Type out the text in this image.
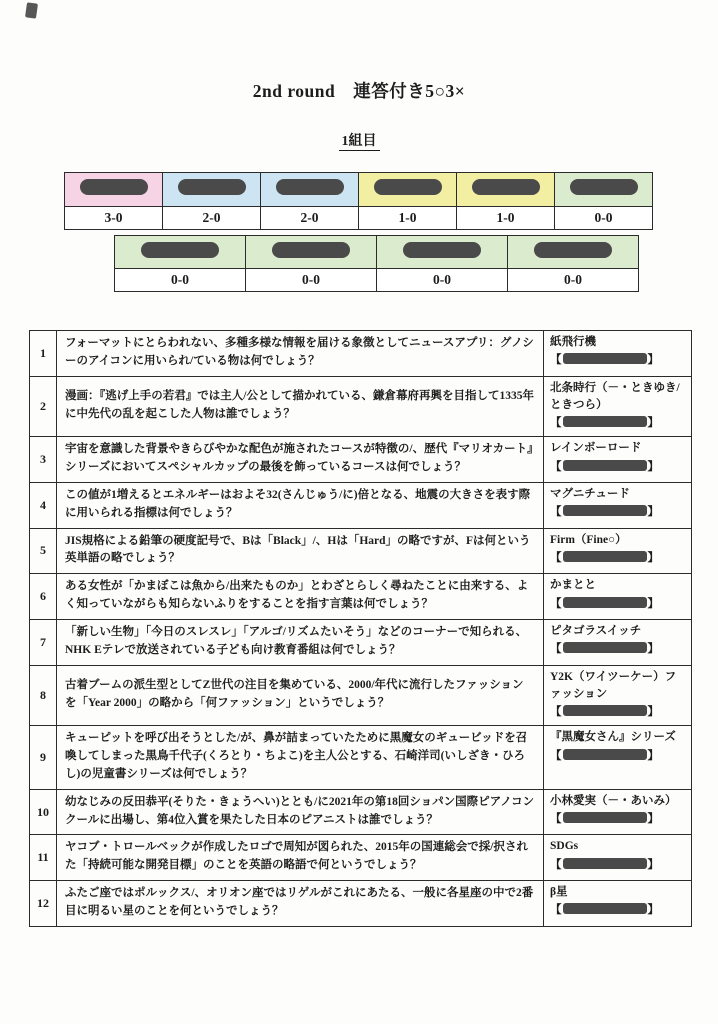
2nd round　連答付き5○3×
1組目

3-0	2-0	2-0	1-0	1-0	0-0

0-0	0-0	0-0	0-0
1	フォーマットにとらわれない、多種多様な情報を届ける象徴としてニュースアプリ：グノシーのアイコンに用いられ/ている物は何でしょう？	紙飛行機
【 】

2	漫画：『逃げ上手の若君』では主人/公として描かれている、鎌倉幕府再興を目指して1335年に中先代の乱を起こした人物は誰でしょう？	北条時行（－・ときゆき/ときつら）
【 】

3	宇宙を意識した背景やきらびやかな配色が施されたコースが特徴の/、歴代『マリオカート』シリーズにおいてスペシャルカップの最後を飾っているコースは何でしょう？	レインボーロード
【 】

4	この値が1増えるとエネルギーはおよそ32(さんじゅう/に)倍となる、地震の大きさを表す際に用いられる指標は何でしょう？	マグニチュード
【 】

5	JIS規格による鉛筆の硬度記号で、Bは「Black」/、Hは「Hard」の略ですが、Fは何という英単語の略でしょう？	Firm（Fine○）
【 】

6	ある女性が「かまぼこは魚から/出来たものか」とわざとらしく尋ねたことに由来する、よく知っていながらも知らないふりをすることを指す言葉は何でしょう？	かまとと
【 】

7	「新しい生物」「今日のスレスレ」「アルゴ/リズムたいそう」などのコーナーで知られる、NHK Eテレで放送されている子ども向け教育番組は何でしょう？	ピタゴラスイッチ
【 】

8	古着ブームの派生型としてZ世代の注目を集めている、2000/年代に流行したファッションを「Year 2000」の略から「何ファッション」というでしょう？	Y2K（ワイツーケー）ファッション
【 】

9	キューピットを呼び出そうとした/が、鼻が詰まっていたために黒魔女のギュービッドを召喚してしまった黒鳥千代子(くろとり・ちよこ)を主人公とする、石崎洋司(いしざき・ひろし)の児童書シリーズは何でしょう？	『黒魔女さん』シリーズ
【 】

10	幼なじみの反田恭平(そりた・きょうへい)ととも/に2021年の第18回ショパン国際ピアノコンクールに出場し、第4位入賞を果たした日本のピアニストは誰でしょう？	小林愛実（－・あいみ）
【 】

11	ヤコブ・トロールベックが作成したロゴで周知が図られた、2015年の国連総会で採/択された「持続可能な開発目標」のことを英語の略語で何というでしょう？	SDGs
【 】

12	ふたご座ではポルックス/、オリオン座ではリゲルがこれにあたる、一般に各星座の中で2番目に明るい星のことを何というでしょう？	β星
【 】
